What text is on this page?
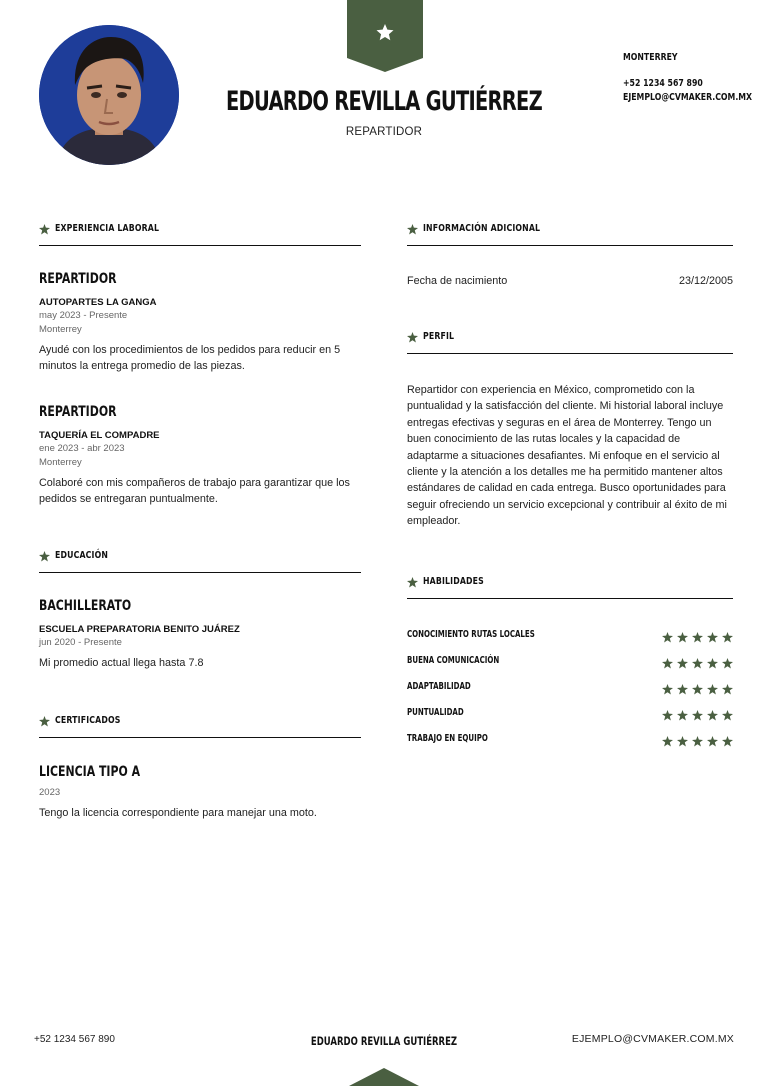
EDUARDO REVILLA GUTIÉRREZ
REPARTIDOR
MONTERREY
+52 1234 567 890
EJEMPLO@CVMAKER.COM.MX
EXPERIENCIA LABORAL
REPARTIDOR
AUTOPARTES LA GANGA
may 2023 - Presente
Monterrey
Ayudé con los procedimientos de los pedidos para reducir en 5 minutos la entrega promedio de las piezas.
REPARTIDOR
TAQUERÍA EL COMPADRE
ene 2023 - abr 2023
Monterrey
Colaboré con mis compañeros de trabajo para garantizar que los pedidos se entregaran puntualmente.
EDUCACIÓN
BACHILLERATO
ESCUELA PREPARATORIA BENITO JUÁREZ
jun 2020 - Presente
Mi promedio actual llega hasta 7.8
CERTIFICADOS
LICENCIA TIPO A
2023
Tengo la licencia correspondiente para manejar una moto.
INFORMACIÓN ADICIONAL
Fecha de nacimiento	23/12/2005
PERFIL
Repartidor con experiencia en México, comprometido con la puntualidad y la satisfacción del cliente. Mi historial laboral incluye entregas efectivas y seguras en el área de Monterrey. Tengo un buen conocimiento de las rutas locales y la capacidad de adaptarme a situaciones desafiantes. Mi enfoque en el servicio al cliente y la atención a los detalles me ha permitido mantener altos estándares de calidad en cada entrega. Busco oportunidades para seguir ofreciendo un servicio excepcional y contribuir al éxito de mi empleador.
HABILIDADES
CONOCIMIENTO RUTAS LOCALES
BUENA COMUNICACIÓN
ADAPTABILIDAD
PUNTUALIDAD
TRABAJO EN EQUIPO
+52 1234 567 890	EDUARDO REVILLA GUTIÉRREZ	EJEMPLO@CVMAKER.COM.MX
